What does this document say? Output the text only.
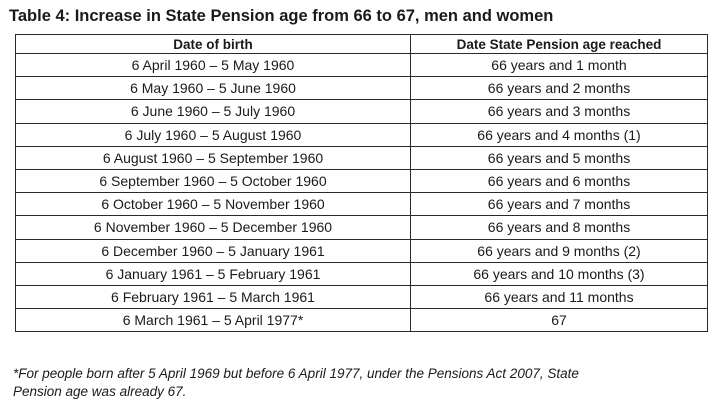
Table 4: Increase in State Pension age from 66 to 67, men and women
Date of birth	Date State Pension age reached
6 April 1960 – 5 May 1960	66 years and 1 month
6 May 1960 – 5 June 1960	66 years and 2 months
6 June 1960 – 5 July 1960	66 years and 3 months
6 July 1960 – 5 August 1960	66 years and 4 months (1)
6 August 1960 – 5 September 1960	66 years and 5 months
6 September 1960 – 5 October 1960	66 years and 6 months
6 October 1960 – 5 November 1960	66 years and 7 months
6 November 1960 – 5 December 1960	66 years and 8 months
6 December 1960 – 5 January 1961	66 years and 9 months (2)
6 January 1961 – 5 February 1961	66 years and 10 months (3)
6 February 1961 – 5 March 1961	66 years and 11 months
6 March 1961 – 5 April 1977*	67
*For people born after 5 April 1969 but before 6 April 1977, under the Pensions Act 2007, State
Pension age was already 67.
